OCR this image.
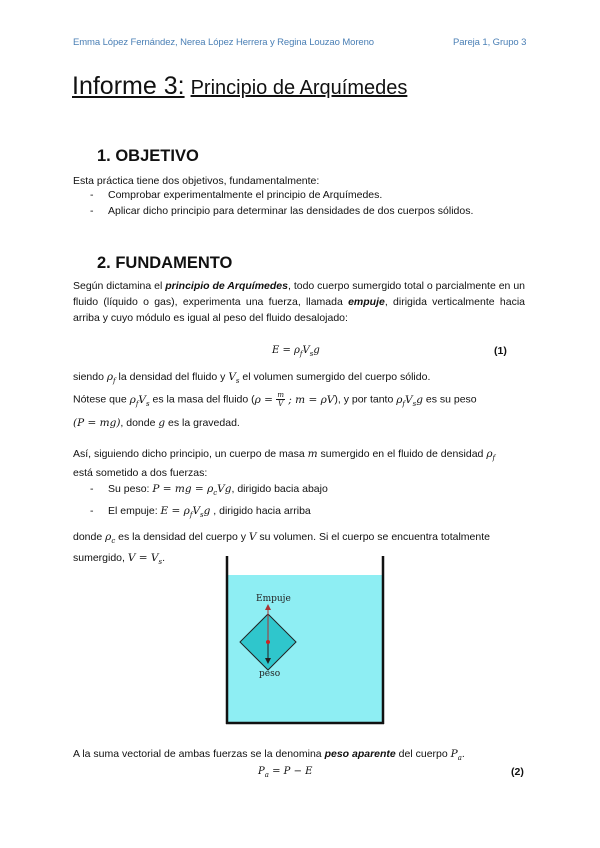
Emma López Fernández, Nerea López Herrera y Regina Louzao Moreno	Pareja 1, Grupo 3
Informe 3: Principio de Arquímedes
1. OBJETIVO
Esta práctica tiene dos objetivos, fundamentalmente:
- Comprobar experimentalmente el principio de Arquímedes.
- Aplicar dicho principio para determinar las densidades de dos cuerpos sólidos.
2. FUNDAMENTO
Según dictamina el principio de Arquímedes, todo cuerpo sumergido total o parcialmente en un fluido (líquido o gas), experimenta una fuerza, llamada empuje, dirigida verticalmente hacia arriba y cuyo módulo es igual al peso del fluido desalojado:
$E = \rho_fV_sg$	(1)
siendo $\rho_f$ la densidad del fluido y $V_s$ el volumen sumergido del cuerpo sólido.
Nótese que $\rho_fV_s$ es la masa del fluido ($\rho = \frac{m}{V}$ ; m = ρV), y por tanto $\rho_fV_sg$ es su peso
(P = mg), donde g es la gravedad.
Así, siguiendo dicho principio, un cuerpo de masa m sumergido en el fluido de densidad $\rho_f$
está sometido a dos fuerzas:
- Su peso: P = mg = $\rho_cVg$, dirigido bacia abajo
- El empuje: $E = \rho_fV_sg$ , dirigido hacia arriba
donde $\rho_c$ es la densidad del cuerpo y V su volumen. Si el cuerpo se encuentra totalmente
sumergido, $V = V_s$.
Empuje
peso
A la suma vectorial de ambas fuerzas se la denomina peso aparente del cuerpo $P_a$.
$P_a = P - E$	(2)
